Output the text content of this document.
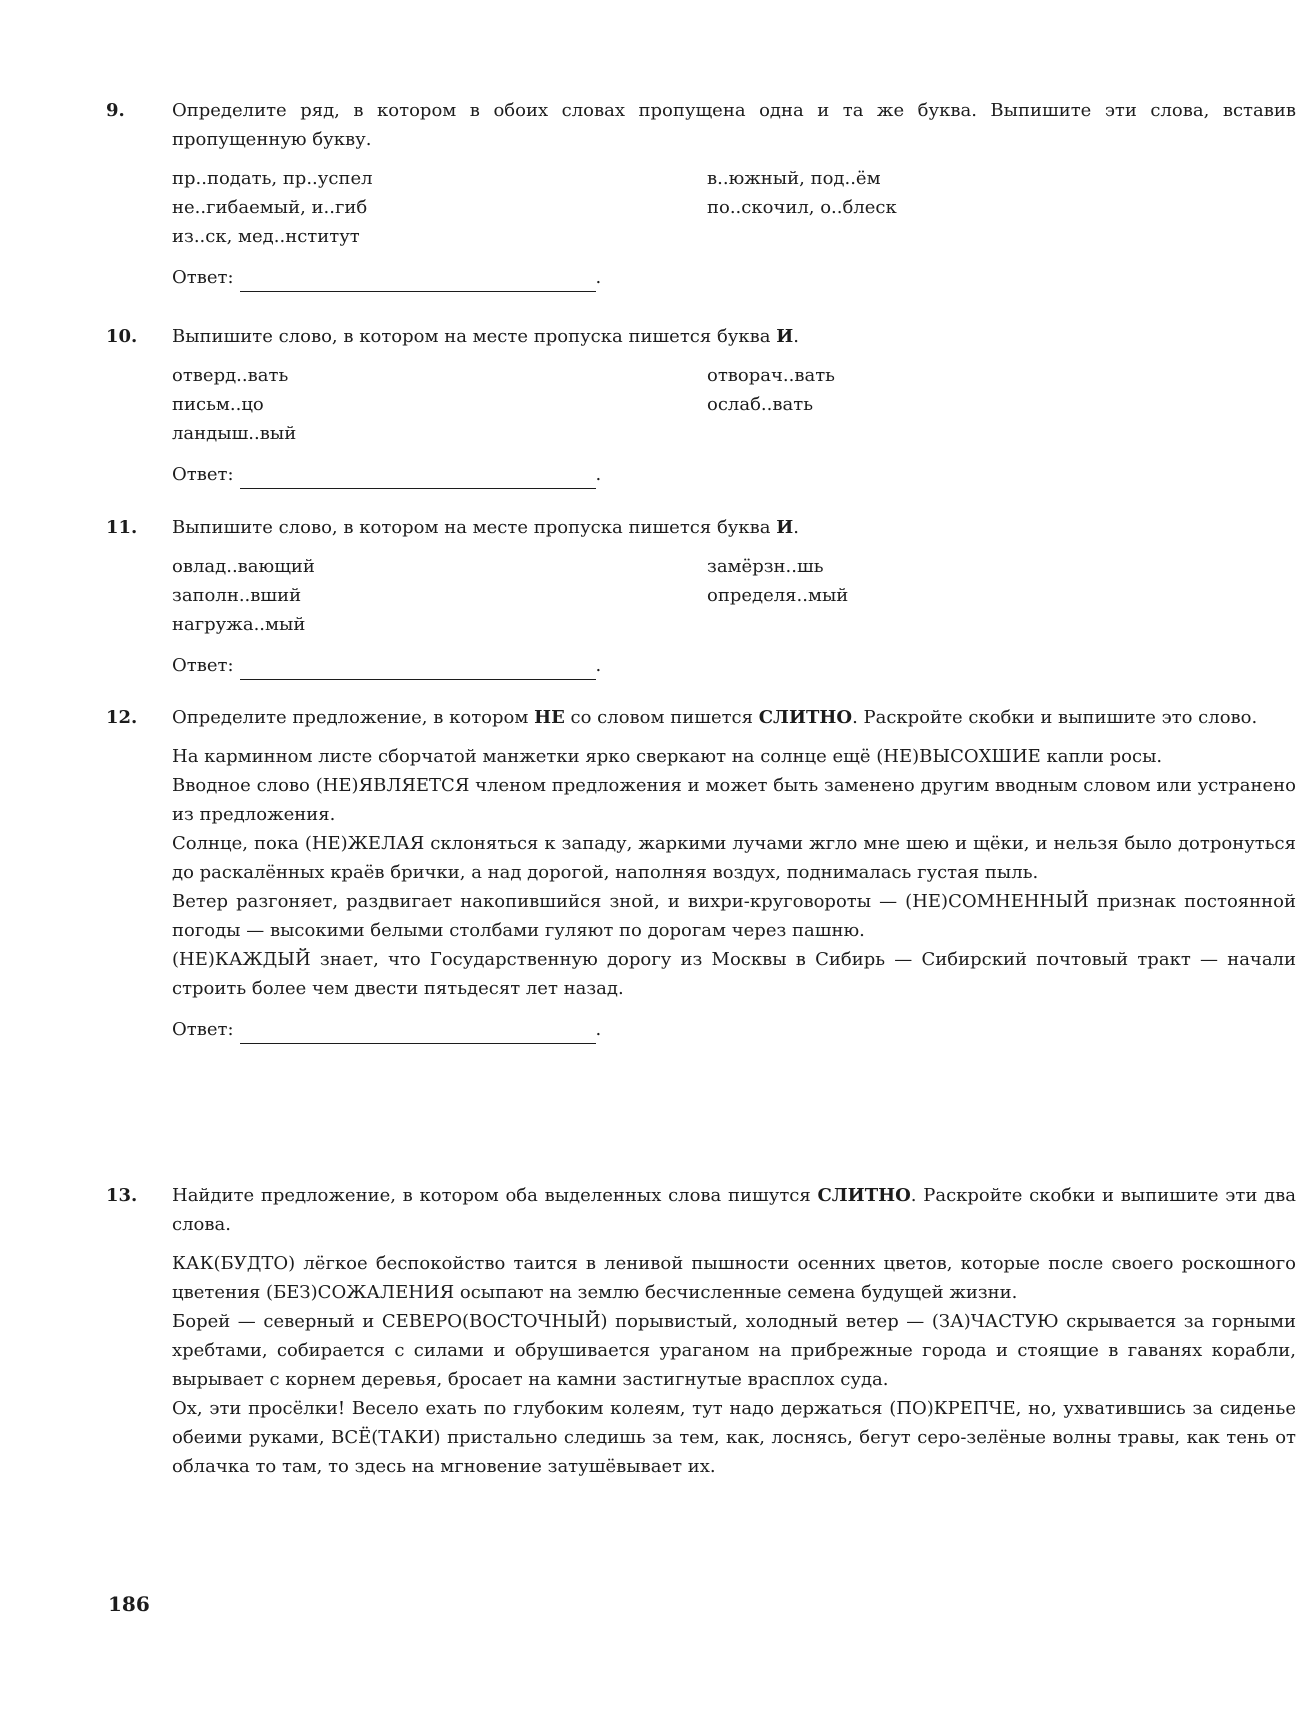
9.	Определите ряд, в котором в обоих словах пропущена одна и та же буква. Выпишите эти слова, вставив пропущенную букву.
пр..подать, пр..успел
не..гибаемый, и..гиб
из..ск, мед..нститут
в..южный, под..ём
по..скочил, о..блеск
Ответ:	.
10.	Выпишите слово, в котором на месте пропуска пишется буква И.
отверд..вать
письм..цо
ландыш..вый
отворач..вать
ослаб..вать
Ответ:	.
11.	Выпишите слово, в котором на месте пропуска пишется буква И.
овлад..вающий
заполн..вший
нагружа..мый
замёрзн..шь
определя..мый
Ответ:	.
12.	Определите предложение, в котором НЕ со словом пишется СЛИТНО. Раскройте скобки и выпишите это слово.
На карминном листе сборчатой манжетки ярко сверкают на солнце ещё (НЕ)ВЫСОХШИЕ капли росы.
Вводное слово (НЕ)ЯВЛЯЕТСЯ членом предложения и может быть заменено другим вводным словом или устранено из предложения.
Солнце, пока (НЕ)ЖЕЛАЯ склоняться к западу, жаркими лучами жгло мне шею и щёки, и нельзя было дотронуться до раскалённых краёв брички, а над дорогой, наполняя воздух, поднималась густая пыль.
Ветер разгоняет, раздвигает накопившийся зной, и вихри-круговороты — (НЕ)СОМНЕННЫЙ признак постоянной погоды — высокими белыми столбами гуляют по дорогам через пашню.
(НЕ)КАЖДЫЙ знает, что Государственную дорогу из Москвы в Сибирь — Сибирский почтовый тракт — начали строить более чем двести пятьдесят лет назад.
Ответ:	.
13.	Найдите предложение, в котором оба выделенных слова пишутся СЛИТНО. Раскройте скобки и выпишите эти два слова.
КАК(БУДТО) лёгкое беспокойство таится в ленивой пышности осенних цветов, которые после своего роскошного цветения (БЕЗ)СОЖАЛЕНИЯ осыпают на землю бесчисленные семена будущей жизни.
Борей — северный и СЕВЕРО(ВОСТОЧНЫЙ) порывистый, холодный ветер — (ЗА)ЧАСТУЮ скрывается за горными хребтами, собирается с силами и обрушивается ураганом на прибрежные города и стоящие в гаванях корабли, вырывает с корнем деревья, бросает на камни застигнутые врасплох суда.
Ох, эти просёлки! Весело ехать по глубоким колеям, тут надо держаться (ПО)КРЕПЧЕ, но, ухватившись за сиденье обеими руками, ВСЁ(ТАКИ) пристально следишь за тем, как, лоснясь, бегут серо-зелёные волны травы, как тень от облачка то там, то здесь на мгновение затушёвывает их.
186
